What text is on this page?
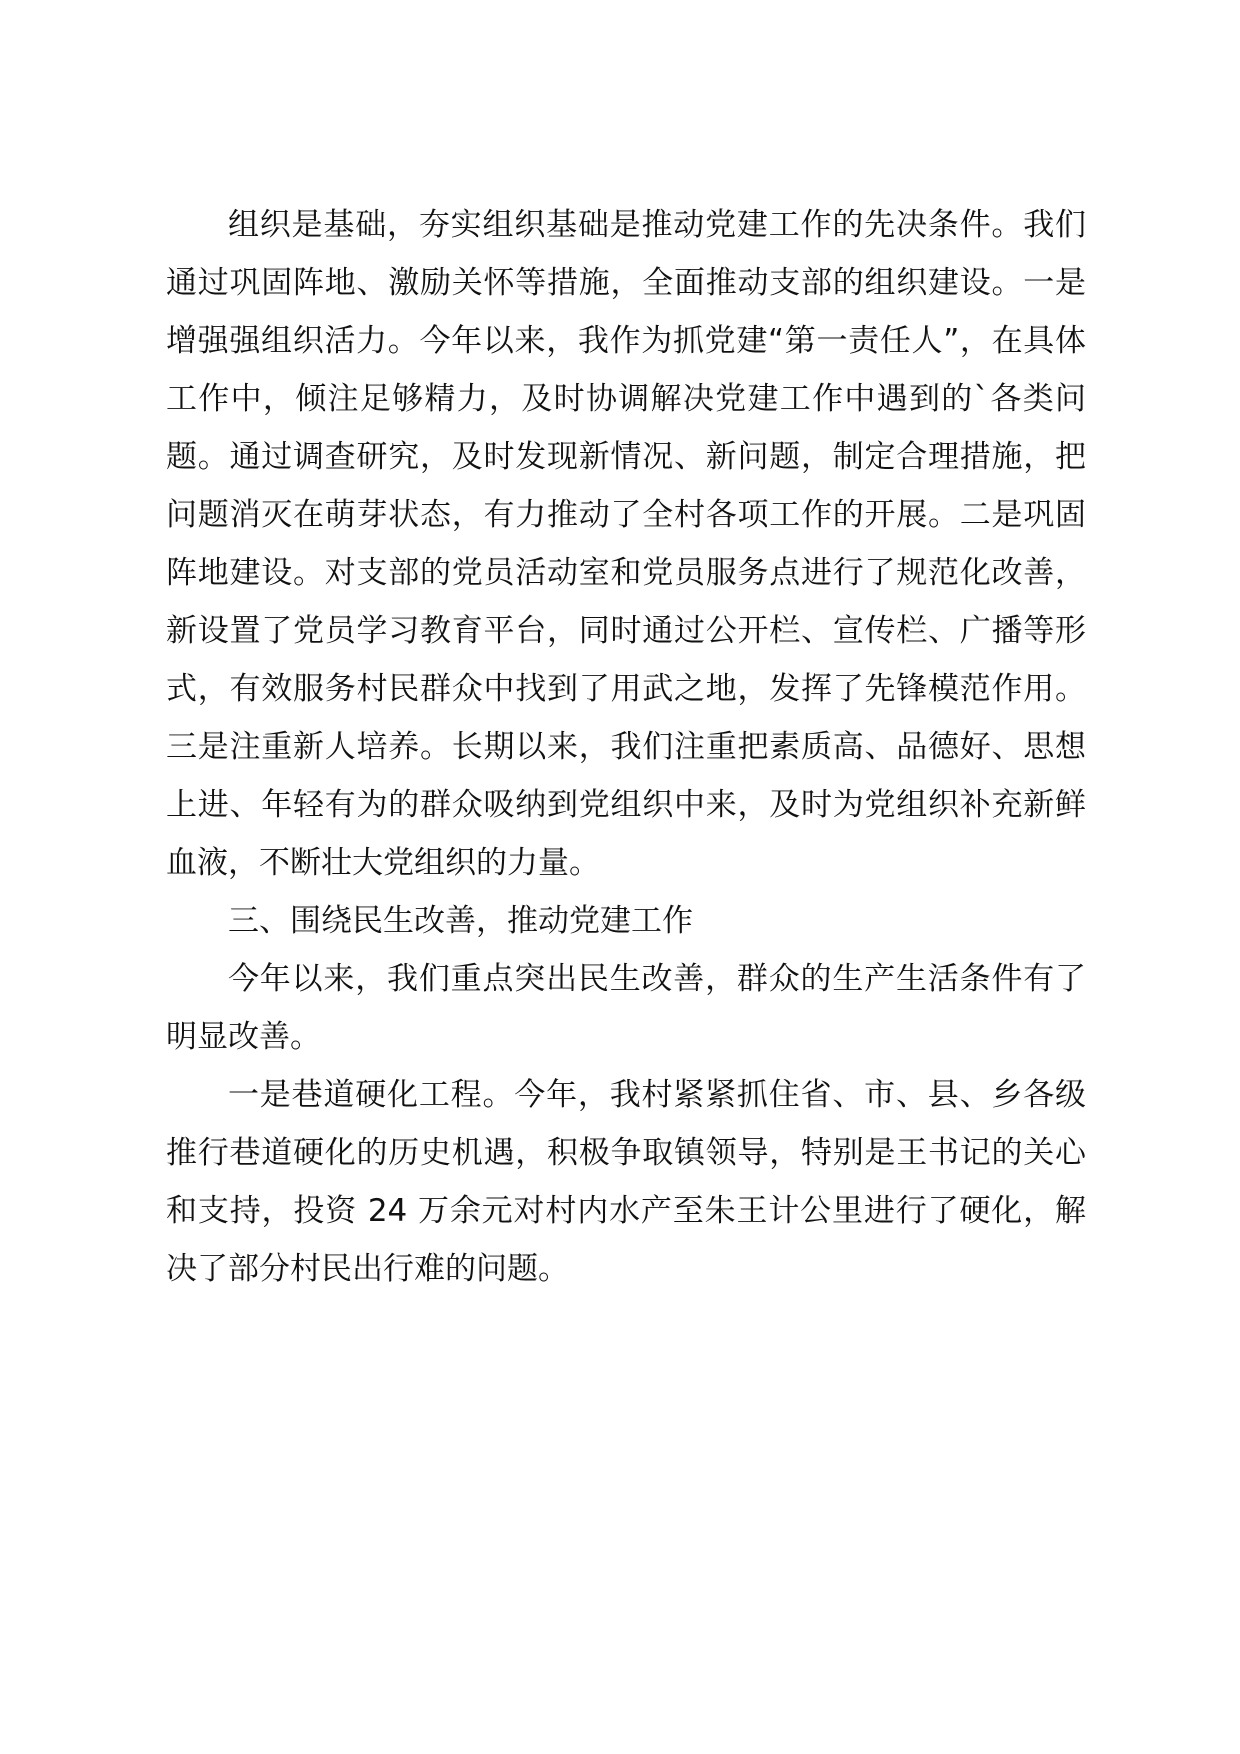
组织是基础，夯实组织基础是推动党建工作的先决条件。我们通过巩固阵地、激励关怀等措施，全面推动支部的组织建设。一是增强强组织活力。今年以来，我作为抓党建“第一责任人”，在具体工作中，倾注足够精力，及时协调解决党建工作中遇到的`各类问题。通过调查研究，及时发现新情况、新问题，制定合理措施，把问题消灭在萌芽状态，有力推动了全村各项工作的开展。二是巩固阵地建设。对支部的党员活动室和党员服务点进行了规范化改善，新设置了党员学习教育平台，同时通过公开栏、宣传栏、广播等形式，有效服务村民群众中找到了用武之地，发挥了先锋模范作用。三是注重新人培养。长期以来，我们注重把素质高、品德好、思想上进、年轻有为的群众吸纳到党组织中来，及时为党组织补充新鲜血液，不断壮大党组织的力量。

三、围绕民生改善，推动党建工作

今年以来，我们重点突出民生改善，群众的生产生活条件有了明显改善。

一是巷道硬化工程。今年，我村紧紧抓住省、市、县、乡各级推行巷道硬化的历史机遇，积极争取镇领导，特别是王书记的关心和支持，投资 24 万余元对村内水产至朱王计公里进行了硬化，解决了部分村民出行难的问题。
